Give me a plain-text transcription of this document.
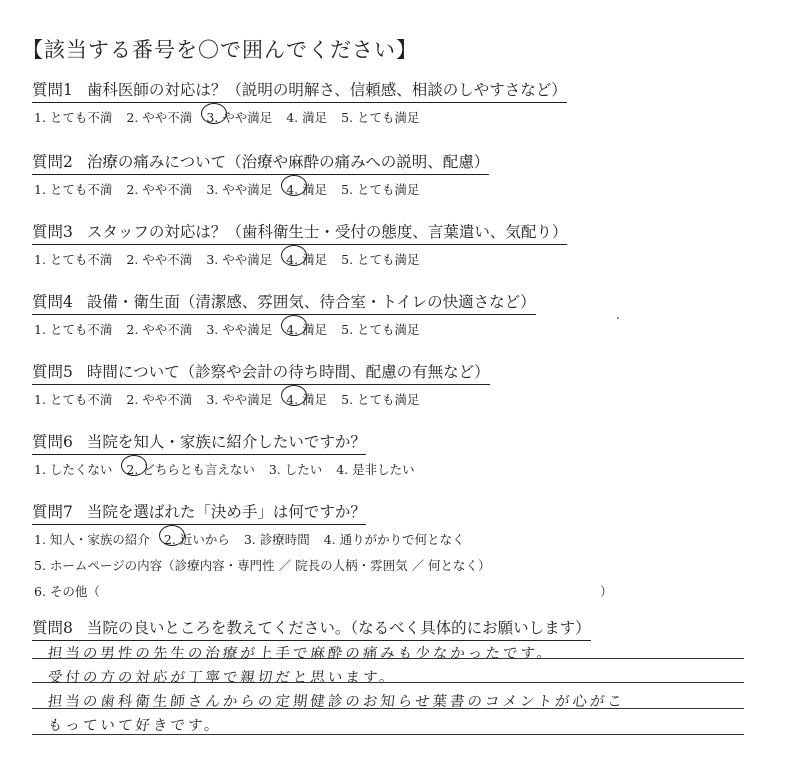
【該当する番号を〇で囲んでください】
質問1 歯科医師の対応は？（説明の明解さ、信頼感、相談のしやすさなど）
1. とても不満 2. やや不満 3. やや満足 4. 満足 5. とても満足
質問2 治療の痛みについて（治療や麻酔の痛みへの説明、配慮）
1. とても不満 2. やや不満 3. やや満足 4. 満足 5. とても満足
質問3 スタッフの対応は？（歯科衛生士・受付の態度、言葉遣い、気配り）
1. とても不満 2. やや不満 3. やや満足 4. 満足 5. とても満足
質問4 設備・衛生面（清潔感、雰囲気、待合室・トイレの快適さなど）
1. とても不満 2. やや不満 3. やや満足 4. 満足 5. とても満足
質問5 時間について（診察や会計の待ち時間、配慮の有無など）
1. とても不満 2. やや不満 3. やや満足 4. 満足 5. とても満足
質問6 当院を知人・家族に紹介したいですか？
1. したくない 2. どちらとも言えない 3. したい 4. 是非したい
質問7 当院を選ばれた「決め手」は何ですか？
1. 知人・家族の紹介 2. 近いから 3. 診療時間 4. 通りがかりで何となく
5. ホームページの内容（診療内容・専門性 ／ 院長の人柄・雰囲気 ／ 何となく）
6. その他（	）
質問8 当院の良いところを教えてください。（なるべく具体的にお願いします）
.
担当の男性の先生の治療が上手で麻酔の痛みも少なかったです。
受付の方の対応が丁寧で親切だと思います。
担当の歯科衛生師さんからの定期健診のお知らせ葉書のコメントが心がこ
もっていて好きです。
